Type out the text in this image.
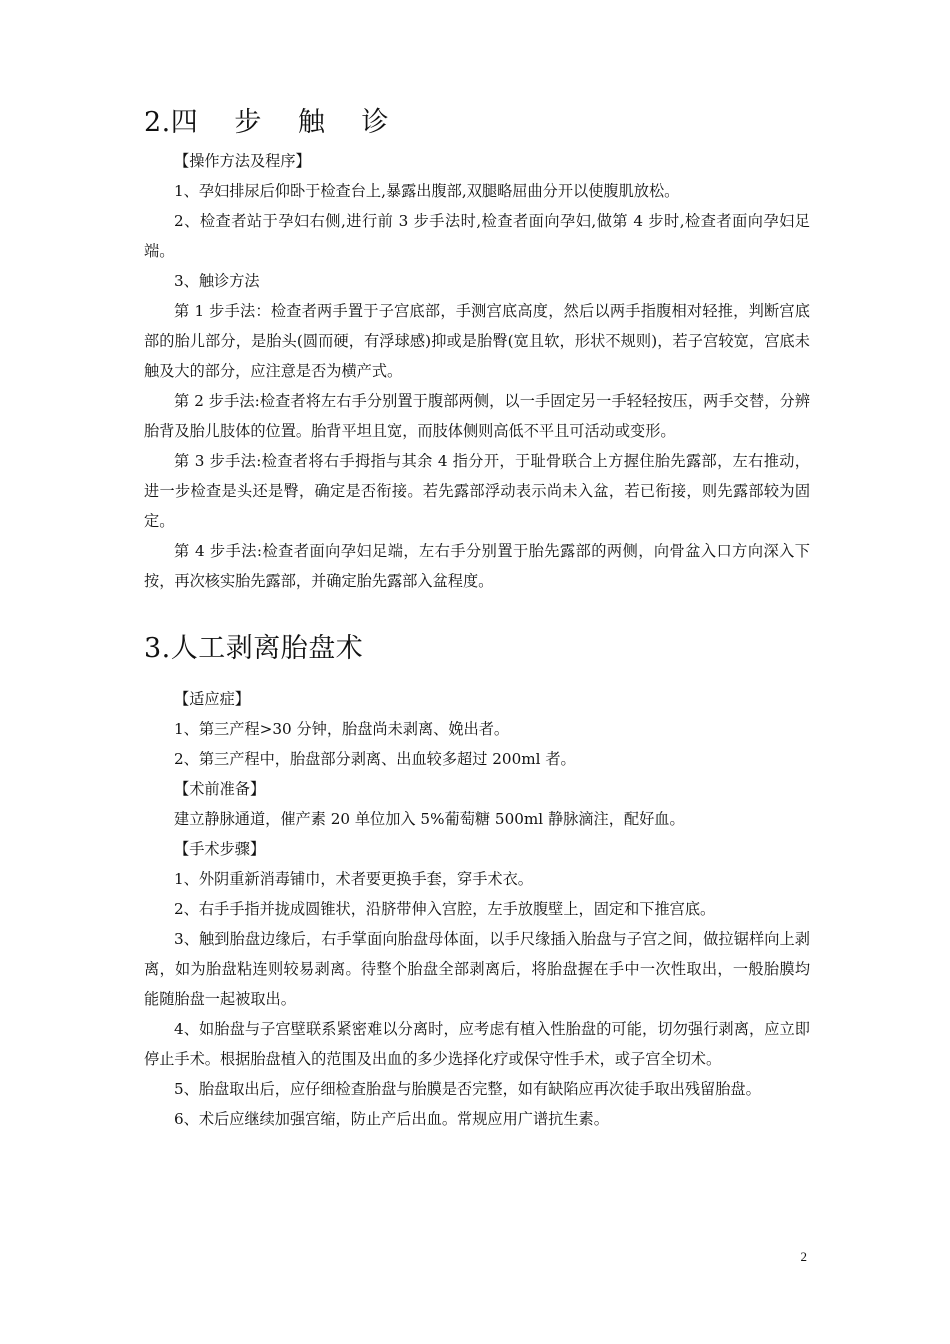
2.四 步 触 诊

【操作方法及程序】

1、孕妇排尿后仰卧于检查台上,暴露出腹部,双腿略屈曲分开以使腹肌放松。

2、检查者站于孕妇右侧,进行前 3 步手法时,检查者面向孕妇,做第 4 步时,检查者面向孕妇足端。

3、触诊方法

第 1 步手法：检查者两手置于子宫底部，手测宫底高度，然后以两手指腹相对轻推，判断宫底部的胎儿部分，是胎头(圆而硬，有浮球感)抑或是胎臀(宽且软，形状不规则)，若子宫较宽，宫底未触及大的部分，应注意是否为横产式。

第 2 步手法:检查者将左右手分别置于腹部两侧，以一手固定另一手轻轻按压，两手交替，分辨胎背及胎儿肢体的位置。胎背平坦且宽，而肢体侧则高低不平且可活动或变形。

第 3 步手法:检查者将右手拇指与其余 4 指分开，于耻骨联合上方握住胎先露部，左右推动，进一步检查是头还是臀，确定是否衔接。若先露部浮动表示尚未入盆，若已衔接，则先露部较为固定。

第 4 步手法:检查者面向孕妇足端，左右手分别置于胎先露部的两侧，向骨盆入口方向深入下按，再次核实胎先露部，并确定胎先露部入盆程度。

3.人工剥离胎盘术

【适应症】

1、第三产程>30 分钟，胎盘尚未剥离、娩出者。

2、第三产程中，胎盘部分剥离、出血较多超过 200ml 者。

【术前准备】

建立静脉通道，催产素 20 单位加入 5%葡萄糖 500ml 静脉滴注，配好血。

【手术步骤】

1、外阴重新消毒铺巾，术者要更换手套，穿手术衣。

2、右手手指并拢成圆锥状，沿脐带伸入宫腔，左手放腹壁上，固定和下推宫底。

3、触到胎盘边缘后，右手掌面向胎盘母体面，以手尺缘插入胎盘与子宫之间，做拉锯样向上剥离，如为胎盘粘连则较易剥离。待整个胎盘全部剥离后，将胎盘握在手中一次性取出，一般胎膜均能随胎盘一起被取出。

4、如胎盘与子宫壁联系紧密难以分离时，应考虑有植入性胎盘的可能，切勿强行剥离，应立即停止手术。根据胎盘植入的范围及出血的多少选择化疗或保守性手术，或子宫全切术。

5、胎盘取出后，应仔细检查胎盘与胎膜是否完整，如有缺陷应再次徒手取出残留胎盘。

6、术后应继续加强宫缩，防止产后出血。常规应用广谱抗生素。

2
